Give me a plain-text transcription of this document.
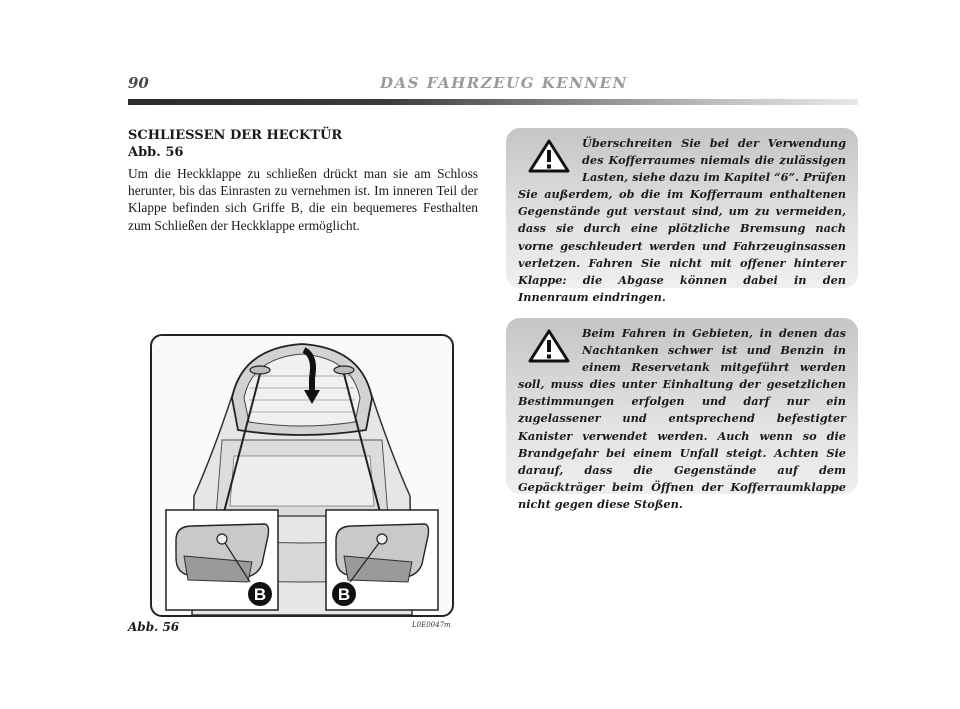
90	DAS FAHRZEUG KENNEN
SCHLIESSEN DER HECKTÜR
Abb. 56
Um die Heckklappe zu schließen drückt man sie am Schloss herunter, bis das Einrasten zu vernehmen ist. Im inneren Teil der Klappe befinden sich Griffe B, die ein bequemeres Festhalten zum Schließen der Heckklappe ermöglicht.
Überschreiten Sie bei der Verwendung des Kofferraumes niemals die zulässigen Lasten, siehe dazu im Kapitel “6”. Prüfen Sie außerdem, ob die im Kofferraum enthaltenen Gegenstände gut verstaut sind, um zu vermeiden, dass sie durch eine plötzliche Bremsung nach vorne geschleudert werden und Fahrzeuginsassen verletzen. Fahren Sie nicht mit offener hinterer Klappe: die Abgase können dabei in den Innenraum eindringen.
Beim Fahren in Gebieten, in denen das Nachtanken schwer ist und Benzin in einem Reservetank mitgeführt werden soll, muss dies unter Einhaltung der gesetzlichen Bestimmungen erfolgen und darf nur ein zugelassener und entsprechend befestigter Kanister verwendet werden. Auch wenn so die Brandgefahr bei einem Unfall steigt. Achten Sie darauf, dass die Gegenstände auf dem Gepäckträger beim Öffnen der Kofferraumklappe nicht gegen diese Stoßen.
B	B
Abb. 56	L0E0047m
